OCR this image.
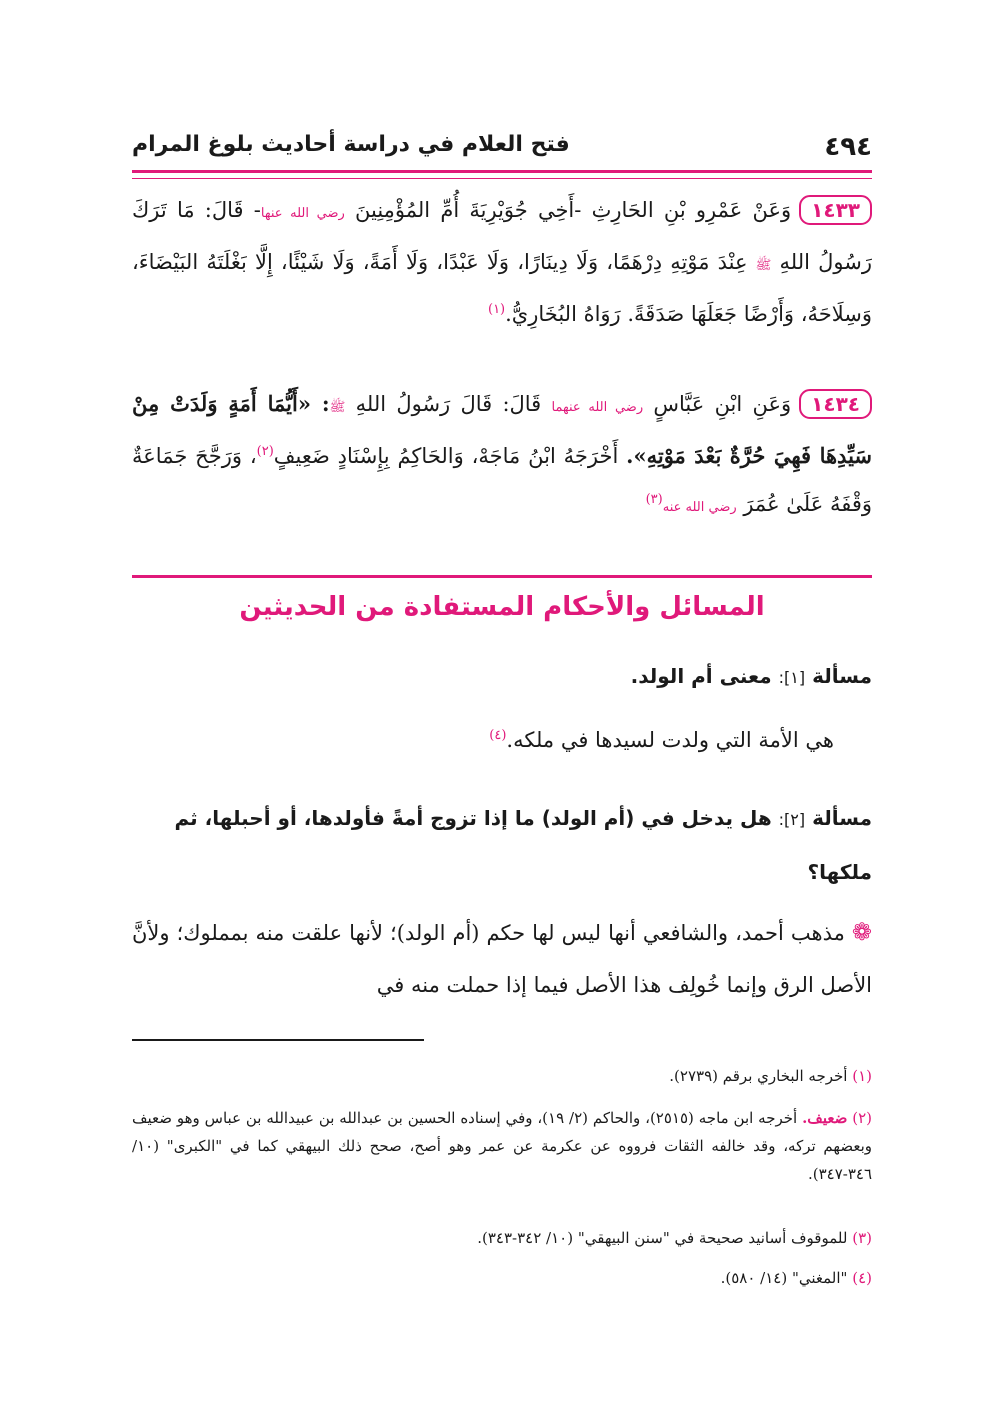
٤٩٤
فتح العلام في دراسة أحاديث بلوغ المرام
١٤٣٣وَعَنْ عَمْرِو بْنِ الحَارِثِ -أَخِي جُوَيْرِيَةَ أُمِّ المُؤْمِنِينَ رضي الله عنها- قَالَ: مَا تَرَكَ رَسُولُ اللهِ ﷺ عِنْدَ مَوْتِهِ دِرْهَمًا، وَلَا دِينَارًا، وَلَا عَبْدًا، وَلَا أَمَةً، وَلَا شَيْئًا، إِلَّا بَغْلَتَهُ البَيْضَاءَ، وَسِلَاحَهُ، وَأَرْضًا جَعَلَهَا صَدَقَةً. رَوَاهُ البُخَارِيُّ.$^{(١)}$
١٤٣٤وَعَنِ ابْنِ عَبَّاسٍ رضي الله عنهما قَالَ: قَالَ رَسُولُ اللهِ ﷺ: «أَيُّمَا أَمَةٍ وَلَدَتْ مِنْ سَيِّدِهَا فَهِيَ حُرَّةٌ بَعْدَ مَوْتِهِ». أَخْرَجَهُ ابْنُ مَاجَهْ، وَالحَاكِمُ بِإِسْنَادٍ ضَعِيفٍ$^{(٢)}$، وَرَجَّحَ جَمَاعَةٌ وَقْفَهُ عَلَىٰ عُمَرَ رضي الله عنه$^{(٣)}$
المسائل والأحكام المستفادة من الحديثين
مسألة [١]: معنى أم الولد.
هي الأمة التي ولدت لسيدها في ملكه.$^{(٤)}$
مسألة [٢]: هل يدخل في (أم الولد) ما إذا تزوج أمةً فأولدها، أو أحبلها، ثم ملكها؟
❁ مذهب أحمد، والشافعي أنها ليس لها حكم (أم الولد)؛ لأنها علقت منه بمملوك؛ ولأنَّ الأصل الرق وإنما خُولِف هذا الأصل فيما إذا حملت منه في
(١) أخرجه البخاري برقم (٢٧٣٩).
(٢) ضعيف. أخرجه ابن ماجه (٢٥١٥)، والحاكم (٢/ ١٩)، وفي إسناده الحسين بن عبدالله بن عبيدالله بن عباس وهو ضعيف وبعضهم تركه، وقد خالفه الثقات فرووه عن عكرمة عن عمر وهو أصح، صحح ذلك البيهقي كما في "الكبرى" (١٠/ ٣٤٦-٣٤٧).
(٣) للموقوف أسانيد صحيحة في "سنن البيهقي" (١٠/ ٣٤٢-٣٤٣).
(٤) "المغني" (١٤/ ٥٨٠).
